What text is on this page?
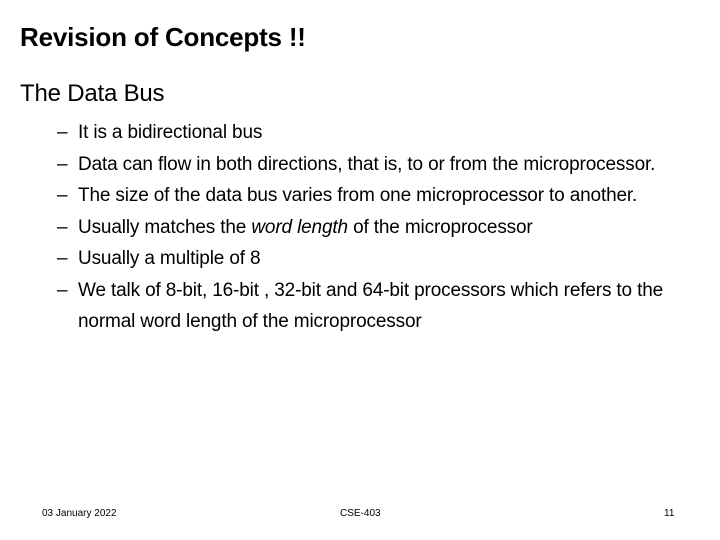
Revision of Concepts !!
The Data Bus
– It is a bidirectional bus
– Data can flow in both directions, that is, to or from the microprocessor.
– The size of the data bus varies from one microprocessor to another.
– Usually matches the word length of the microprocessor
– Usually a multiple of 8
– We talk of 8-bit, 16-bit , 32-bit and 64-bit processors which refers to the normal word length of the microprocessor
03 January 2022	CSE-403	11
